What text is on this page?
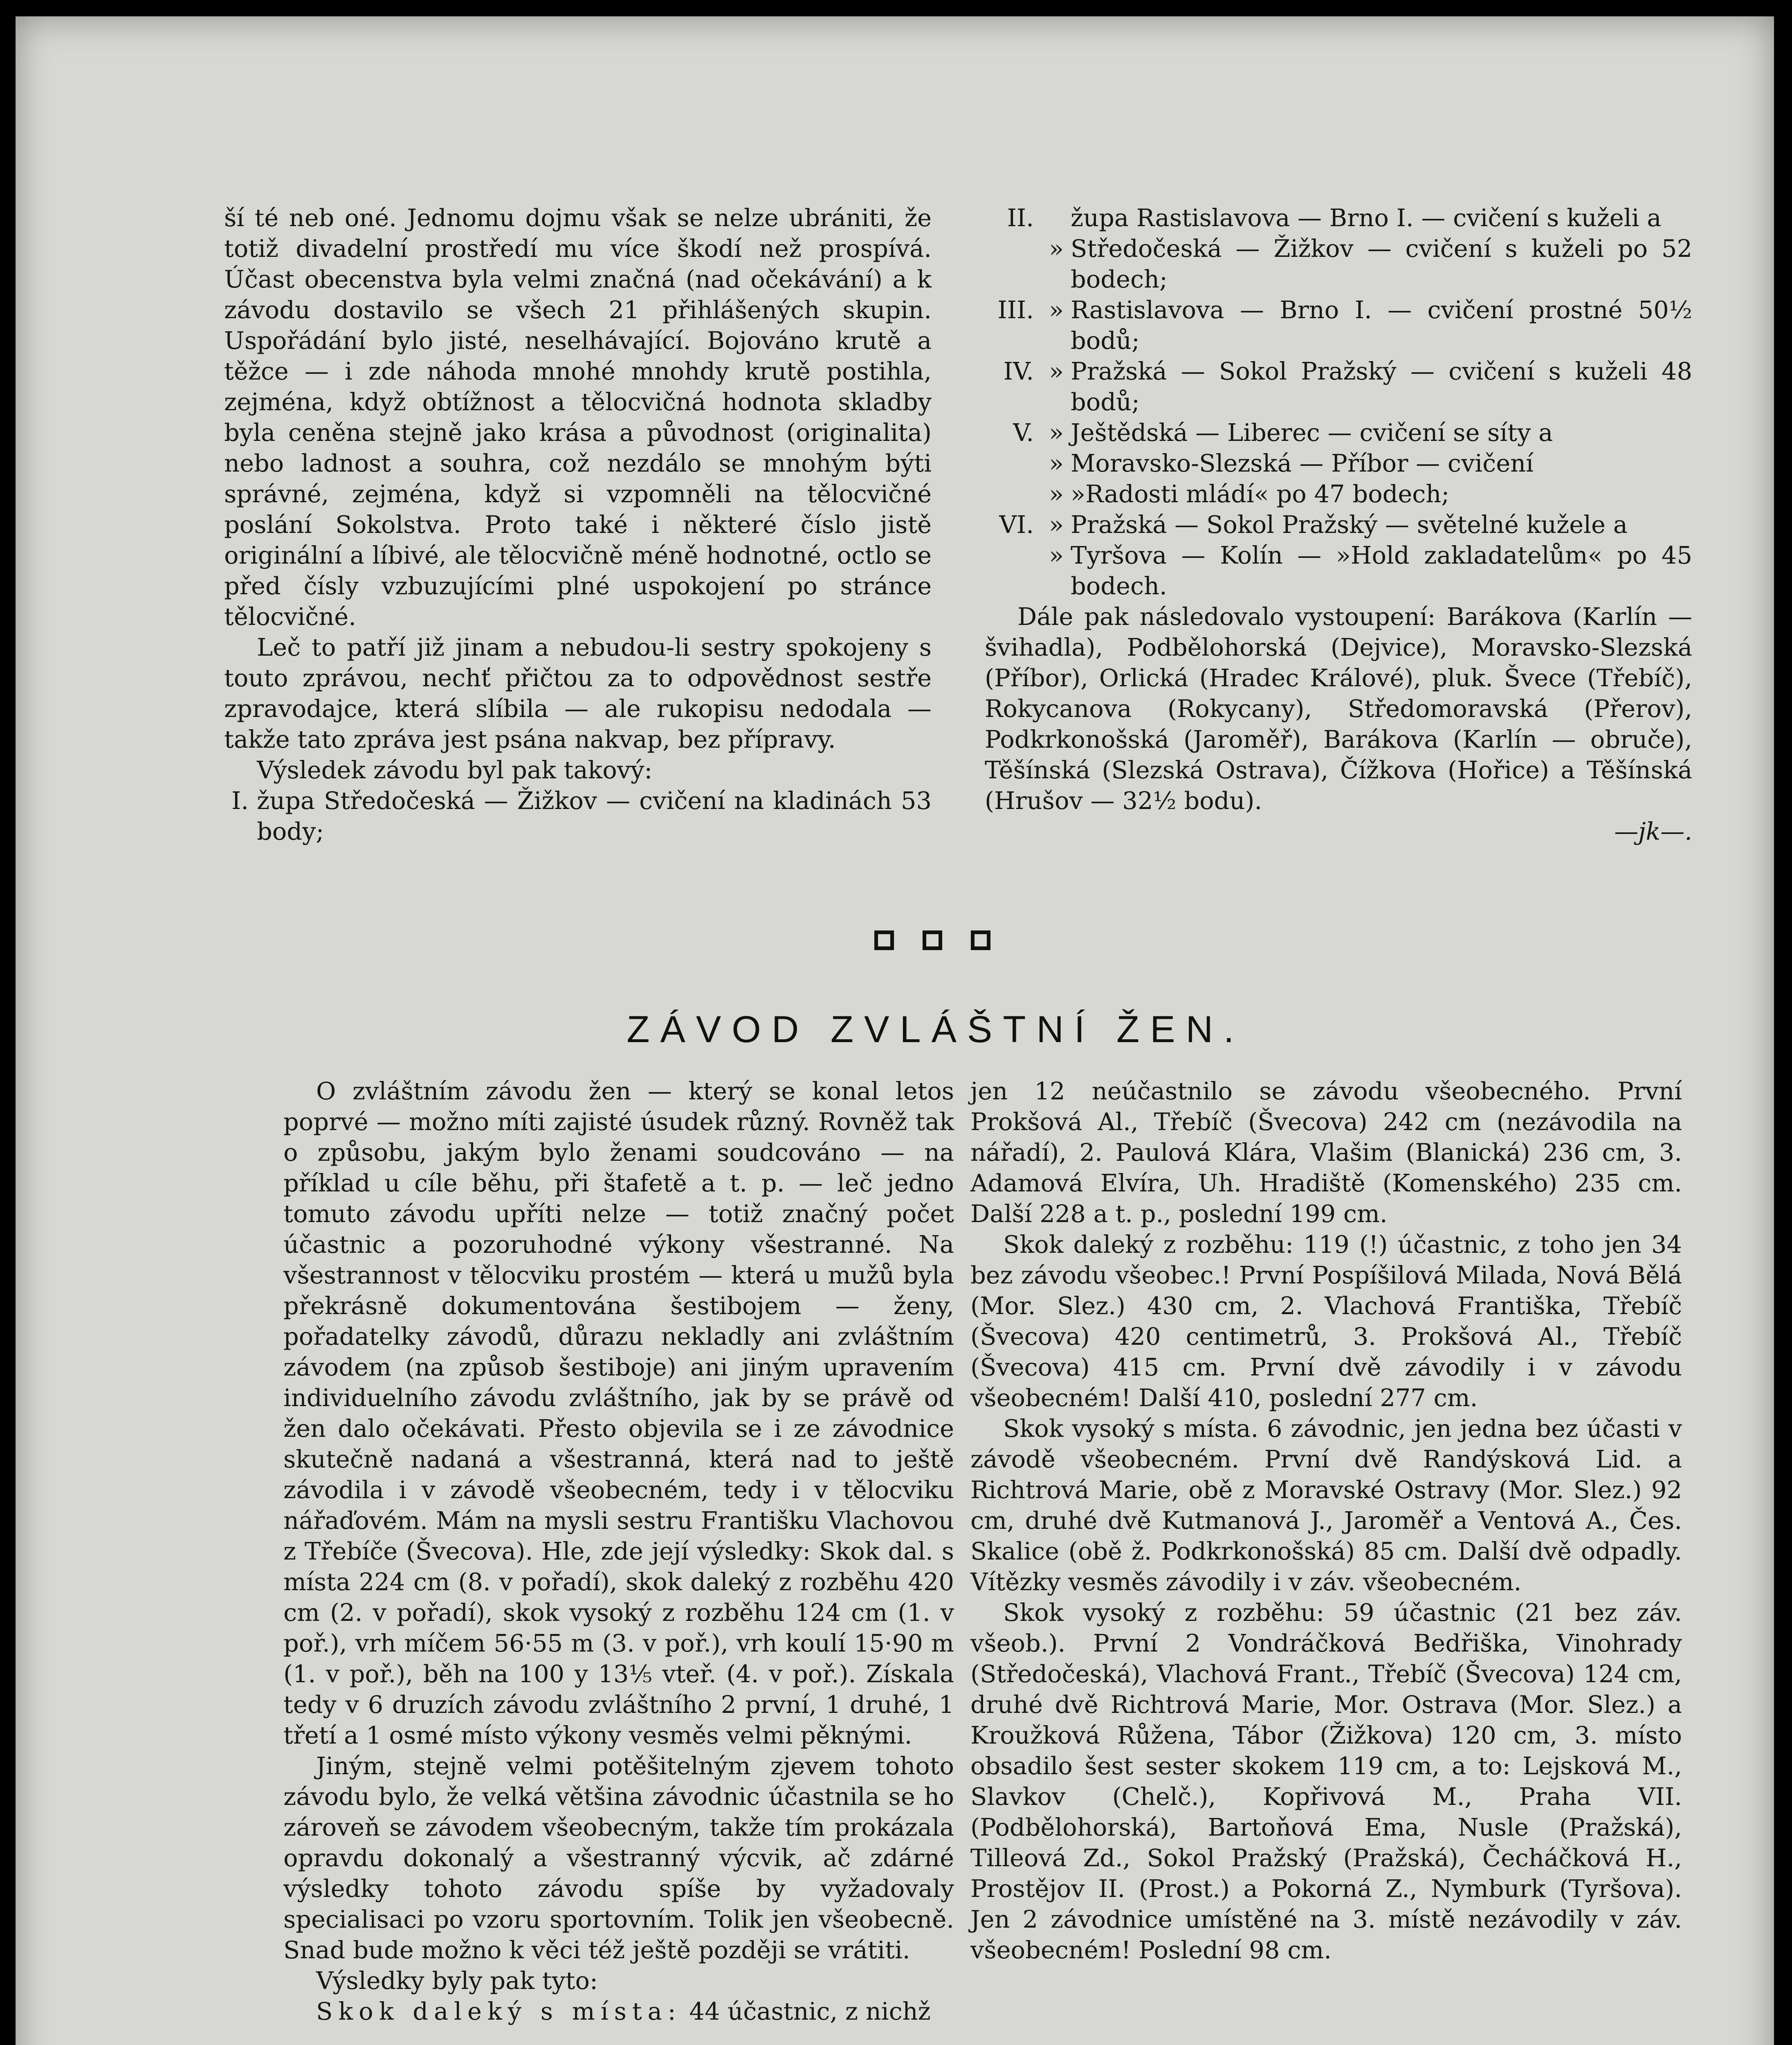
ší té neb oné. Jednomu dojmu však se nelze ubrániti, že totiž divadelní prostředí mu více škodí než prospívá. Účast obecenstva byla velmi značná (nad očekávání) a k závodu dostavilo se všech 21 přihlášených skupin. Uspořádání bylo jisté, neselhávající. Bojováno krutě a těžce — i zde náhoda mnohé mnohdy krutě postihla, zejména, když obtížnost a tělocvičná hodnota skladby byla ceněna stejně jako krása a původnost (originalita) nebo ladnost a souhra, což nezdálo se mnohým býti správné, zejména, když si vzpomněli na tělocvičné poslání Sokolstva. Proto také i některé číslo jistě originální a líbivé, ale tělocvičně méně hodnotné, octlo se před čísly vzbuzujícími plné uspokojení po stránce tělocvičné.

Leč to patří již jinam a nebudou-li sestry spokojeny s touto zprávou, nechť přičtou za to odpovědnost sestře zpravodajce, která slíbila — ale rukopisu nedodala — takže tato zpráva jest psána nakvap, bez přípravy.

Výsledek závodu byl pak takový:

I. župa Středočeská — Žižkov — cvičení na kladinách 53 body;
II.	župa Rastislavova — Brno I. — cvičení s kuželi a
» Středočeská — Žižkov — cvičení s kuželi po 52 bodech;
III. » Rastislavova — Brno I. — cvičení prostné 50½ bodů;
IV. » Pražská — Sokol Pražský — cvičení s kuželi 48 bodů;
V. » Ještědská — Liberec — cvičení se síty a
» Moravsko-Slezská — Příbor — cvičení
» »Radosti mládí« po 47 bodech;
VI. » Pražská — Sokol Pražský — světelné kužele a
» Tyršova — Kolín — »Hold zakladatelům« po 45 bodech.

Dále pak následovalo vystoupení: Barákova (Karlín — švihadla), Podbělohorská (Dejvice), Moravsko-Slezská (Příbor), Orlická (Hradec Králové), pluk. Švece (Třebíč), Rokycanova (Rokycany), Středomoravská (Přerov), Podkrkonošská (Jaroměř), Barákova (Karlín — obruče), Těšínská (Slezská Ostrava), Čížkova (Hořice) a Těšínská (Hrušov — 32½ bodu).

—jk—.
ZÁVOD ZVLÁŠTNÍ ŽEN.

O zvláštním závodu žen — který se konal letos poprvé — možno míti zajisté úsudek různý. Rovněž tak o způsobu, jakým bylo ženami soudcováno — na příklad u cíle běhu, při štafetě a t. p. — leč jedno tomuto závodu upříti nelze — totiž značný počet účastnic a pozoruhodné výkony všestranné. Na všestrannost v tělocviku prostém — která u mužů byla překrásně dokumentována šestibojem — ženy, pořadatelky závodů, důrazu nekladly ani zvláštním závodem (na způsob šestiboje) ani jiným upravením individuelního závodu zvláštního, jak by se právě od žen dalo očekávati. Přesto objevila se i ze závodnice skutečně nadaná a všestranná, která nad to ještě závodila i v závodě všeobecném, tedy i v tělocviku nářaďovém. Mám na mysli sestru Františku Vlachovou z Třebíče (Švecova). Hle, zde její výsledky: Skok dal. s místa 224 cm (8. v pořadí), skok daleký z rozběhu 420 cm (2. v pořadí), skok vysoký z rozběhu 124 cm (1. v poř.), vrh míčem 56·55 m (3. v poř.), vrh koulí 15·90 m (1. v poř.), běh na 100 y 13⅕ vteř. (4. v poř.). Získala tedy v 6 druzích závodu zvláštního 2 první, 1 druhé, 1 třetí a 1 osmé místo výkony vesměs velmi pěknými.

Jiným, stejně velmi potěšitelným zjevem tohoto závodu bylo, že velká většina závodnic účastnila se ho zároveň se závodem všeobecným, takže tím prokázala opravdu dokonalý a všestranný výcvik, ač zdárné výsledky tohoto závodu spíše by vyžadovaly specialisaci po vzoru sportovním. Tolik jen všeobecně. Snad bude možno k věci též ještě později se vrátiti.

Výsledky byly pak tyto:

Skok daleký s místa: 44 účastnic, z nichž

jen 12 neúčastnilo se závodu všeobecného. První Prokšová Al., Třebíč (Švecova) 242 cm (nezávodila na nářadí), 2. Paulová Klára, Vlašim (Blanická) 236 cm, 3. Adamová Elvíra, Uh. Hradiště (Komenského) 235 cm. Další 228 a t. p., poslední 199 cm.

Skok daleký z rozběhu: 119 (!) účastnic, z toho jen 34 bez závodu všeobec.! První Pospíšilová Milada, Nová Bělá (Mor. Slez.) 430 cm, 2. Vlachová Františka, Třebíč (Švecova) 420 centimetrů, 3. Prokšová Al., Třebíč (Švecova) 415 cm. První dvě závodily i v závodu všeobecném! Další 410, poslední 277 cm.

Skok vysoký s místa. 6 závodnic, jen jedna bez účasti v závodě všeobecném. První dvě Randýsková Lid. a Richtrová Marie, obě z Moravské Ostravy (Mor. Slez.) 92 cm, druhé dvě Kutmanová J., Jaroměř a Ventová A., Čes. Skalice (obě ž. Podkrkonošská) 85 cm. Další dvě odpadly. Vítězky vesměs závodily i v záv. všeobecném.

Skok vysoký z rozběhu: 59 účastnic (21 bez záv. všeob.). První 2 Vondráčková Bedřiška, Vinohrady (Středočeská), Vlachová Frant., Třebíč (Švecova) 124 cm, druhé dvě Richtrová Marie, Mor. Ostrava (Mor. Slez.) a Kroužková Růžena, Tábor (Žižkova) 120 cm, 3. místo obsadilo šest sester skokem 119 cm, a to: Lejsková M., Slavkov (Chelč.), Kopřivová M., Praha VII. (Podbělohorská), Bartoňová Ema, Nusle (Pražská), Tilleová Zd., Sokol Pražský (Pražská), Čecháčková H., Prostějov II. (Prost.) a Pokorná Z., Nymburk (Tyršova). Jen 2 závodnice umístěné na 3. místě nezávodily v záv. všeobecném! Poslední 98 cm.
